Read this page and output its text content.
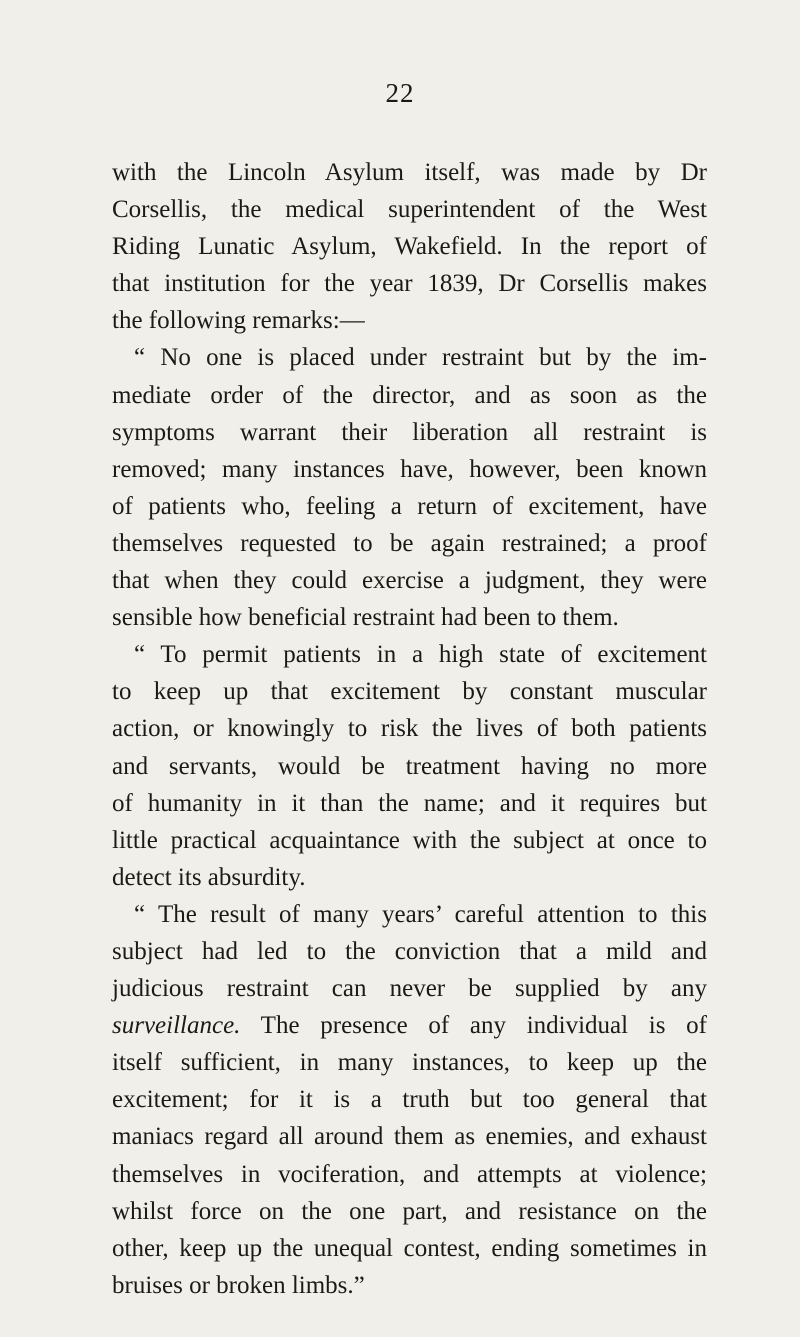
22
with the Lincoln Asylum itself, was made by Dr
Corsellis, the medical superintendent of the West
Riding Lunatic Asylum, Wakefield. In the report of
that institution for the year 1839, Dr Corsellis makes
the following remarks:—
“ No one is placed under restraint but by the im-
mediate order of the director, and as soon as the
symptoms warrant their liberation all restraint is
removed; many instances have, however, been known
of patients who, feeling a return of excitement, have
themselves requested to be again restrained; a proof
that when they could exercise a judgment, they were
sensible how beneficial restraint had been to them.
“ To permit patients in a high state of excitement
to keep up that excitement by constant muscular
action, or knowingly to risk the lives of both patients
and servants, would be treatment having no more
of humanity in it than the name; and it requires but
little practical acquaintance with the subject at once to
detect its absurdity.
“ The result of many years’ careful attention to this
subject had led to the conviction that a mild and
judicious restraint can never be supplied by any
surveillance. The presence of any individual is of
itself sufficient, in many instances, to keep up the
excitement; for it is a truth but too general that
maniacs regard all around them as enemies, and exhaust
themselves in vociferation, and attempts at violence;
whilst force on the one part, and resistance on the
other, keep up the unequal contest, ending sometimes in
bruises or broken limbs.”
